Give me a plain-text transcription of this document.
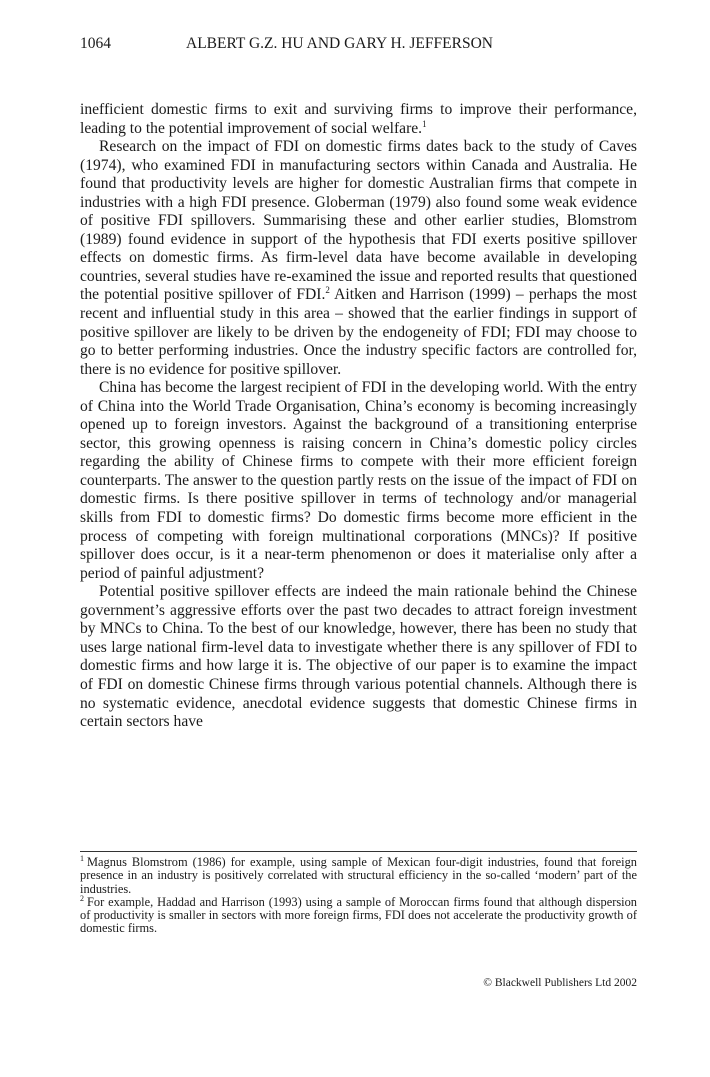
1064	ALBERT G.Z. HU AND GARY H. JEFFERSON

inefficient domestic firms to exit and surviving firms to improve their performance, leading to the potential improvement of social welfare.$^1$

Research on the impact of FDI on domestic firms dates back to the study of Caves (1974), who examined FDI in manufacturing sectors within Canada and Australia. He found that productivity levels are higher for domestic Australian firms that compete in industries with a high FDI presence. Globerman (1979) also found some weak evidence of positive FDI spillovers. Summarising these and other earlier studies, Blomstrom (1989) found evidence in support of the hypothesis that FDI exerts positive spillover effects on domestic firms. As firm-level data have become available in developing countries, several studies have re-examined the issue and reported results that questioned the potential positive spillover of FDI.$^2$ Aitken and Harrison (1999) – perhaps the most recent and influential study in this area – showed that the earlier findings in support of positive spillover are likely to be driven by the endogeneity of FDI; FDI may choose to go to better performing industries. Once the industry specific factors are controlled for, there is no evidence for positive spillover.

China has become the largest recipient of FDI in the developing world. With the entry of China into the World Trade Organisation, China’s economy is becoming increasingly opened up to foreign investors. Against the background of a transitioning enterprise sector, this growing openness is raising concern in China’s domestic policy circles regarding the ability of Chinese firms to compete with their more efficient foreign counterparts. The answer to the question partly rests on the issue of the impact of FDI on domestic firms. Is there positive spillover in terms of technology and/or managerial skills from FDI to domestic firms? Do domestic firms become more efficient in the process of competing with foreign multinational corporations (MNCs)? If positive spillover does occur, is it a near-term phenomenon or does it materialise only after a period of painful adjustment?

Potential positive spillover effects are indeed the main rationale behind the Chinese government’s aggressive efforts over the past two decades to attract foreign investment by MNCs to China. To the best of our knowledge, however, there has been no study that uses large national firm-level data to investigate whether there is any spillover of FDI to domestic firms and how large it is. The objective of our paper is to examine the impact of FDI on domestic Chinese firms through various potential channels. Although there is no systematic evidence, anecdotal evidence suggests that domestic Chinese firms in certain sectors have

$^1$ Magnus Blomstrom (1986) for example, using sample of Mexican four-digit industries, found that foreign presence in an industry is positively correlated with structural efficiency in the so-called ‘modern’ part of the industries.

$^2$ For example, Haddad and Harrison (1993) using a sample of Moroccan firms found that although dispersion of productivity is smaller in sectors with more foreign firms, FDI does not accelerate the productivity growth of domestic firms.

© Blackwell Publishers Ltd 2002
